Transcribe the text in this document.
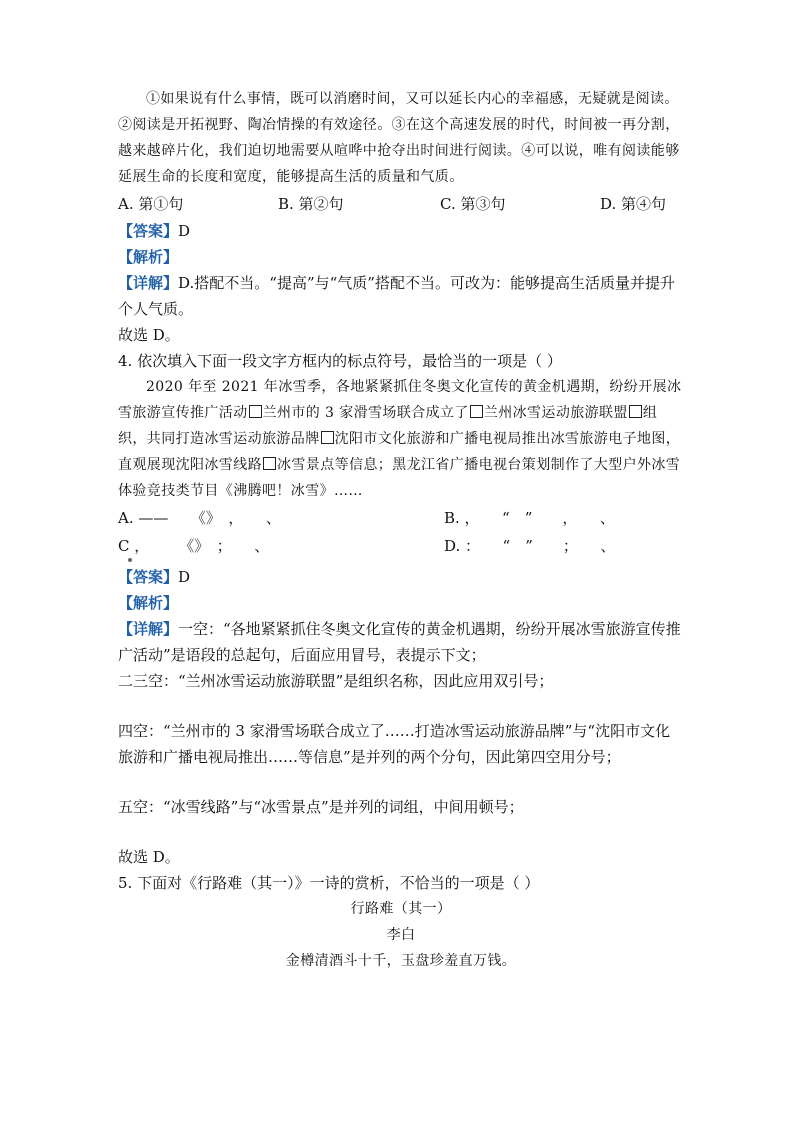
①如果说有什么事情，既可以消磨时间，又可以延长内心的幸福感，无疑就是阅读。②阅读是开拓视野、陶冶情操的有效途径。③在这个高速发展的时代，时间被一再分割，越来越碎片化，我们迫切地需要从喧哗中抢夺出时间进行阅读。④可以说，唯有阅读能够延展生命的长度和宽度，能够提高生活的质量和气质。

A. 第①句	B. 第②句	C. 第③句	D. 第④句

【答案】D

【解析】

【详解】D.搭配不当。“提高”与“气质”搭配不当。可改为：能够提高生活质量并提升个人气质。

故选 D。

4. 依次填入下面一段文字方框内的标点符号，最恰当的一项是（ ）

2020 年至 2021 年冰雪季，各地紧紧抓住冬奥文化宣传的黄金机遇期，纷纷开展冰雪旅游宣传推广活动 兰州市的 3 家滑雪场联合成立了 兰州冰雪运动旅游联盟 组织，共同打造冰雪运动旅游品牌 沈阳市文化旅游和广播电视局推出冰雪旅游电子地图，直观展现沈阳冰雪线路 冰雪景点等信息；黑龙江省广播电视台策划制作了大型户外冰雪体验竞技类节目《沸腾吧！冰雪》……

A. ——　　《》　，　　、	B. ，　　“　”　　，　　、
C ，　　　《》　；　　、	D. ：　　“　”　　；　　、

【答案】D

【解析】

【详解】一空：“各地紧紧抓住冬奥文化宣传的黄金机遇期，纷纷开展冰雪旅游宣传推广活动”是语段的总起句，后面应用冒号，表提示下文；

二三空：“兰州冰雪运动旅游联盟”是组织名称，因此应用双引号；

四空：“兰州市的 3 家滑雪场联合成立了……打造冰雪运动旅游品牌”与“沈阳市文化旅游和广播电视局推出……等信息”是并列的两个分句，因此第四空用分号；

五空：“冰雪线路”与“冰雪景点”是并列的词组，中间用顿号；

故选 D。

5. 下面对《行路难（其一）》一诗的赏析，不恰当的一项是（ ）

行路难（其一）

李白

金樽清酒斗十千，玉盘珍羞直万钱。
